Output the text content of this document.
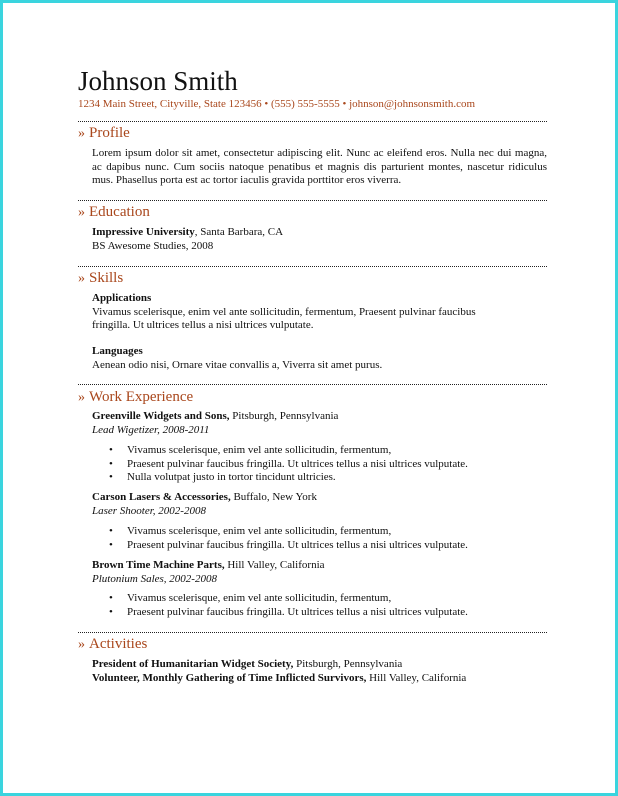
Johnson Smith
1234 Main Street, Cityville, State 123456 • (555) 555-5555 • johnson@johnsonsmith.com
» Profile
Lorem ipsum dolor sit amet, consectetur adipiscing elit. Nunc ac eleifend eros. Nulla nec dui magna, ac dapibus nunc. Cum sociis natoque penatibus et magnis dis parturient montes, nascetur ridiculus mus. Phasellus porta est ac tortor iaculis gravida porttitor eros viverra.
» Education
Impressive University, Santa Barbara, CA
BS Awesome Studies, 2008
» Skills
Applications
Vivamus scelerisque, enim vel ante sollicitudin, fermentum, Praesent pulvinar faucibus
fringilla. Ut ultrices tellus a nisi ultrices vulputate.
Languages
Aenean odio nisi, Ornare vitae convallis a, Viverra sit amet purus.
» Work Experience
Greenville Widgets and Sons, Pitsburgh, Pennsylvania
Lead Wigetizer, 2008-2011
• Vivamus scelerisque, enim vel ante sollicitudin, fermentum,
• Praesent pulvinar faucibus fringilla. Ut ultrices tellus a nisi ultrices vulputate.
• Nulla volutpat justo in tortor tincidunt ultricies.
Carson Lasers & Accessories, Buffalo, New York
Laser Shooter, 2002-2008
• Vivamus scelerisque, enim vel ante sollicitudin, fermentum,
• Praesent pulvinar faucibus fringilla. Ut ultrices tellus a nisi ultrices vulputate.
Brown Time Machine Parts, Hill Valley, California
Plutonium Sales, 2002-2008
• Vivamus scelerisque, enim vel ante sollicitudin, fermentum,
• Praesent pulvinar faucibus fringilla. Ut ultrices tellus a nisi ultrices vulputate.
» Activities
President of Humanitarian Widget Society, Pitsburgh, Pennsylvania
Volunteer, Monthly Gathering of Time Inflicted Survivors, Hill Valley, California
